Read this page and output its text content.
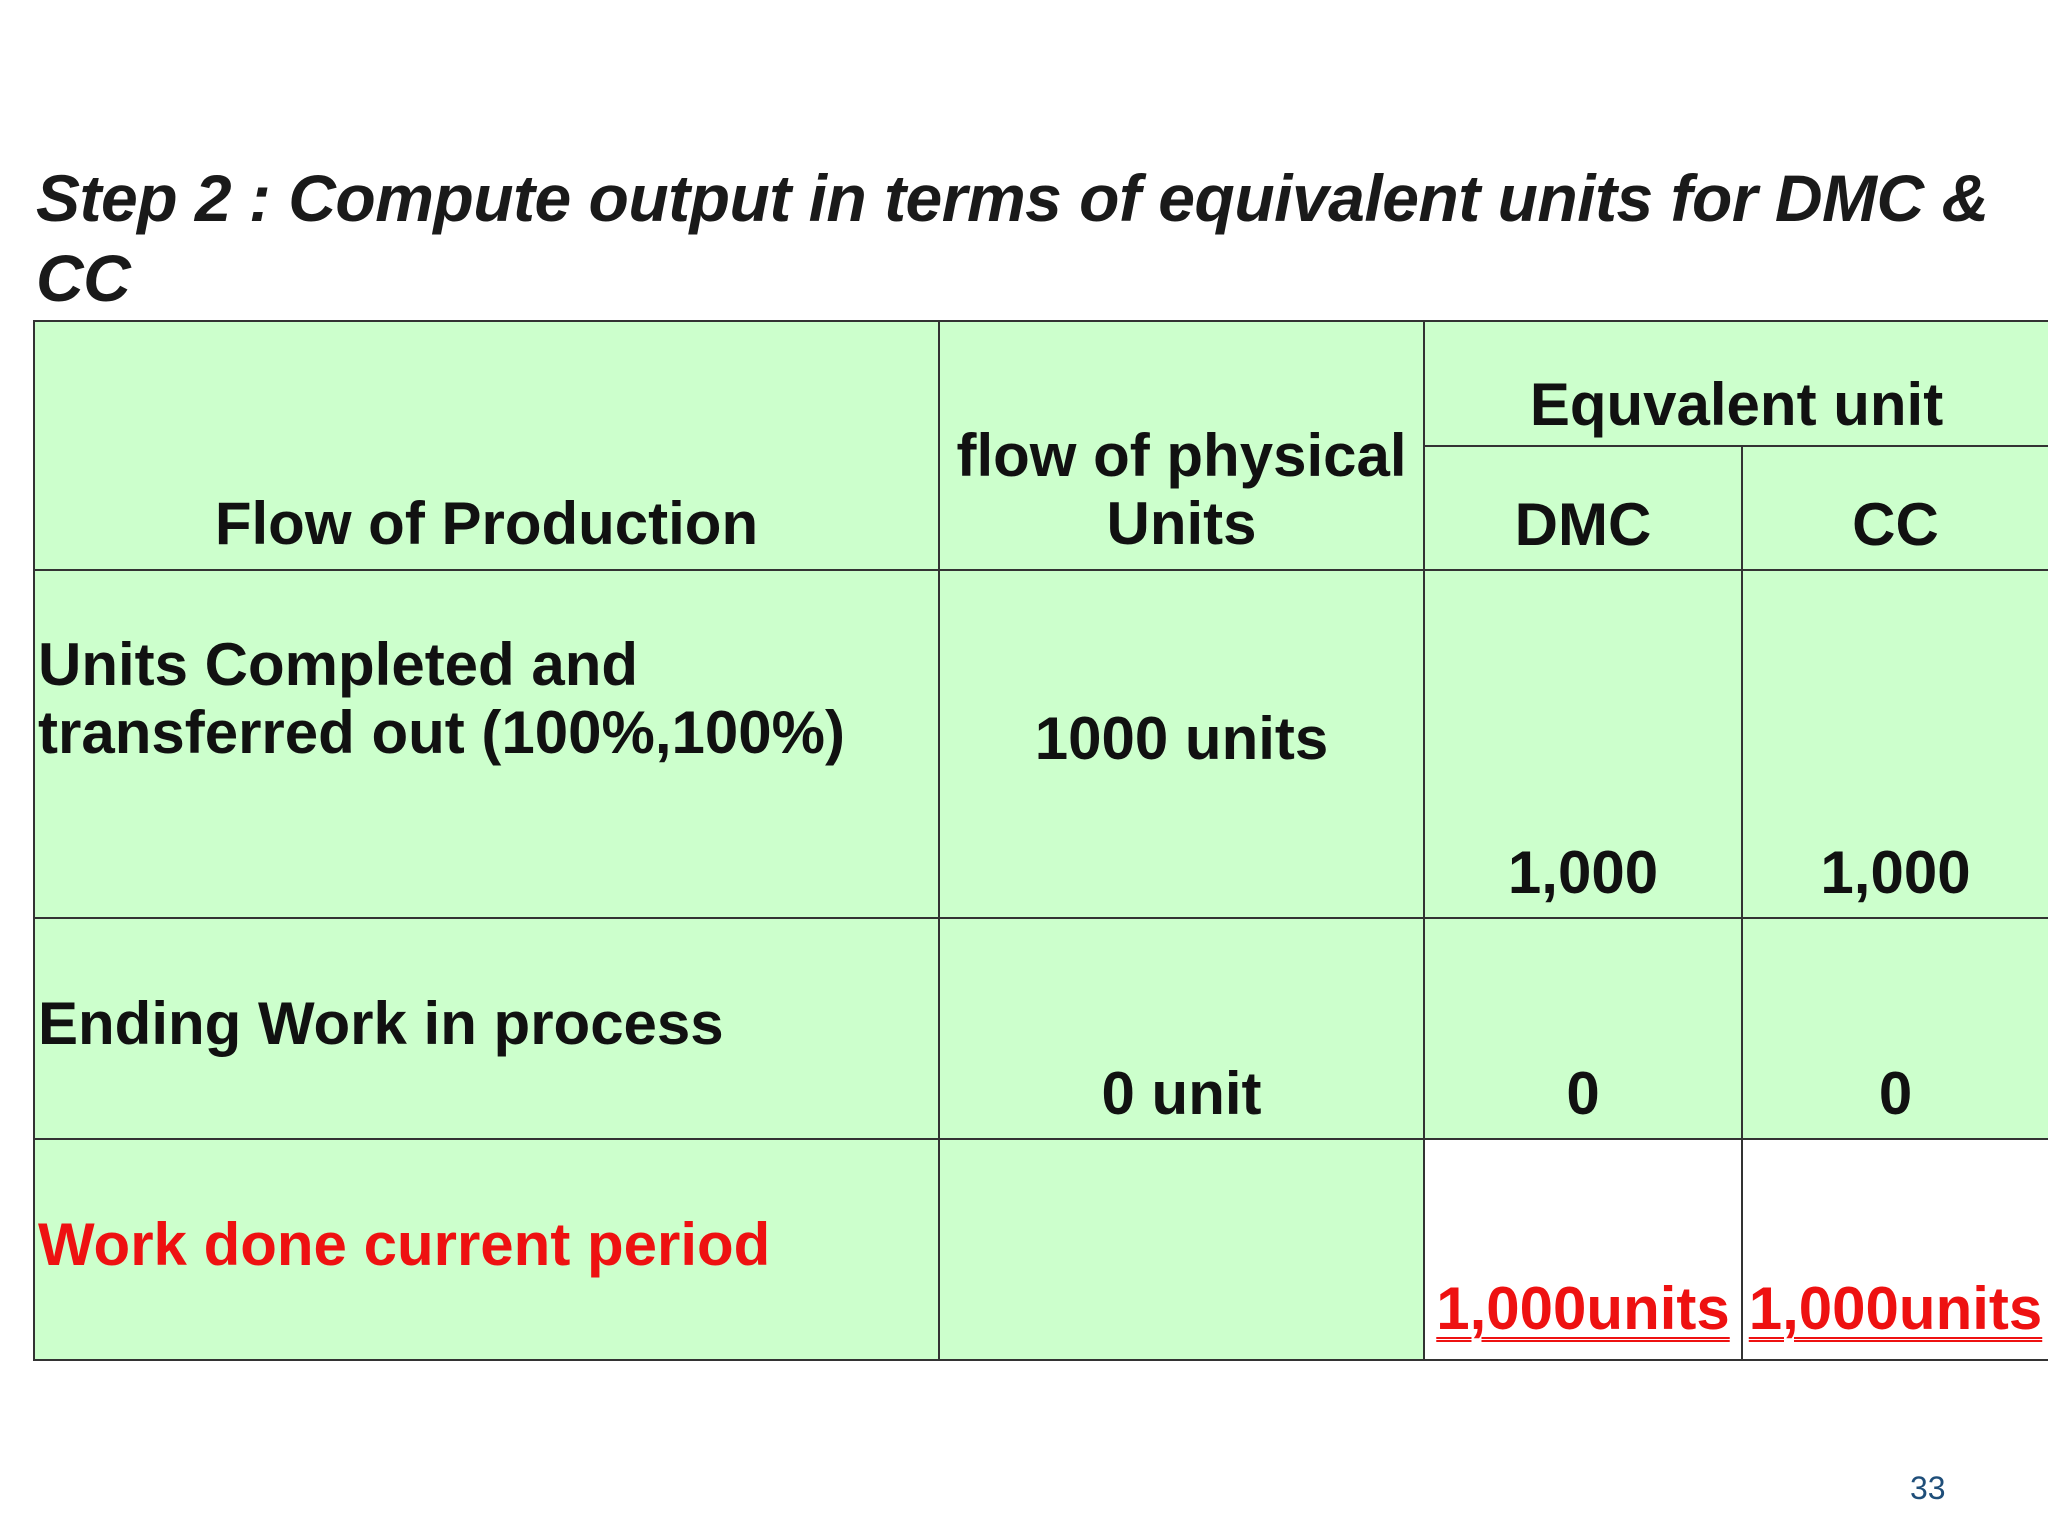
Step 2 : Compute output in terms of equivalent units for DMC & CC
Flow of Production	flow of physical Units	Equvalent unit	

		DMC	CC

Units Completed and transferred out (100%,100%)	1000 units	1,000	1,000

Ending Work in process	0 unit	0	0

Work done current period		1,000units	1,000units
33
